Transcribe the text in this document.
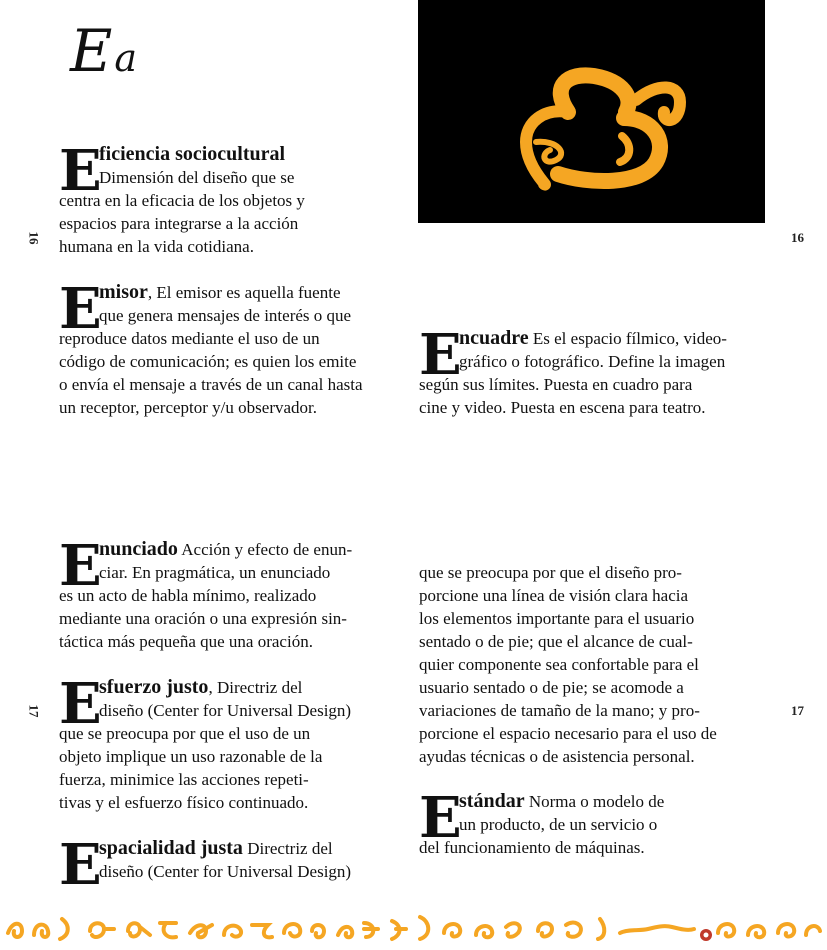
Ea
16	16
17	17
E
ficiencia sociocultural
Dimensión del diseño que se
centra en la eficacia de los objetos y
espacios para integrarse a la acción
humana en la vida cotidiana.
E
misor, El emisor es aquella fuente
que genera mensajes de interés o que
reproduce datos mediante el uso de un
código de comunicación; es quien los emite
o envía el mensaje a través de un canal hasta
un receptor, perceptor y/u observador.
E
ncuadre Es el espacio fílmico, video-
gráfico o fotográfico. Define la imagen
según sus límites. Puesta en cuadro para
cine y video. Puesta en escena para teatro.
E
nunciado Acción y efecto de enun-
ciar. En pragmática, un enunciado
es un acto de habla mínimo, realizado
mediante una oración o una expresión sin-
táctica más pequeña que una oración.
E
sfuerzo justo, Directriz del
diseño (Center for Universal Design)
que se preocupa por que el uso de un
objeto implique un uso razonable de la
fuerza, minimice las acciones repeti-
tivas y el esfuerzo físico continuado.
E
spacialidad justa Directriz del
diseño (Center for Universal Design)
que se preocupa por que el diseño pro-
porcione una línea de visión clara hacia
los elementos importante para el usuario
sentado o de pie; que el alcance de cual-
quier componente sea confortable para el
usuario sentado o de pie; se acomode a
variaciones de tamaño de la mano; y pro-
porcione el espacio necesario para el uso de
ayudas técnicas o de asistencia personal.
E
stándar Norma o modelo de
un producto, de un servicio o
del funcionamiento de máquinas.
